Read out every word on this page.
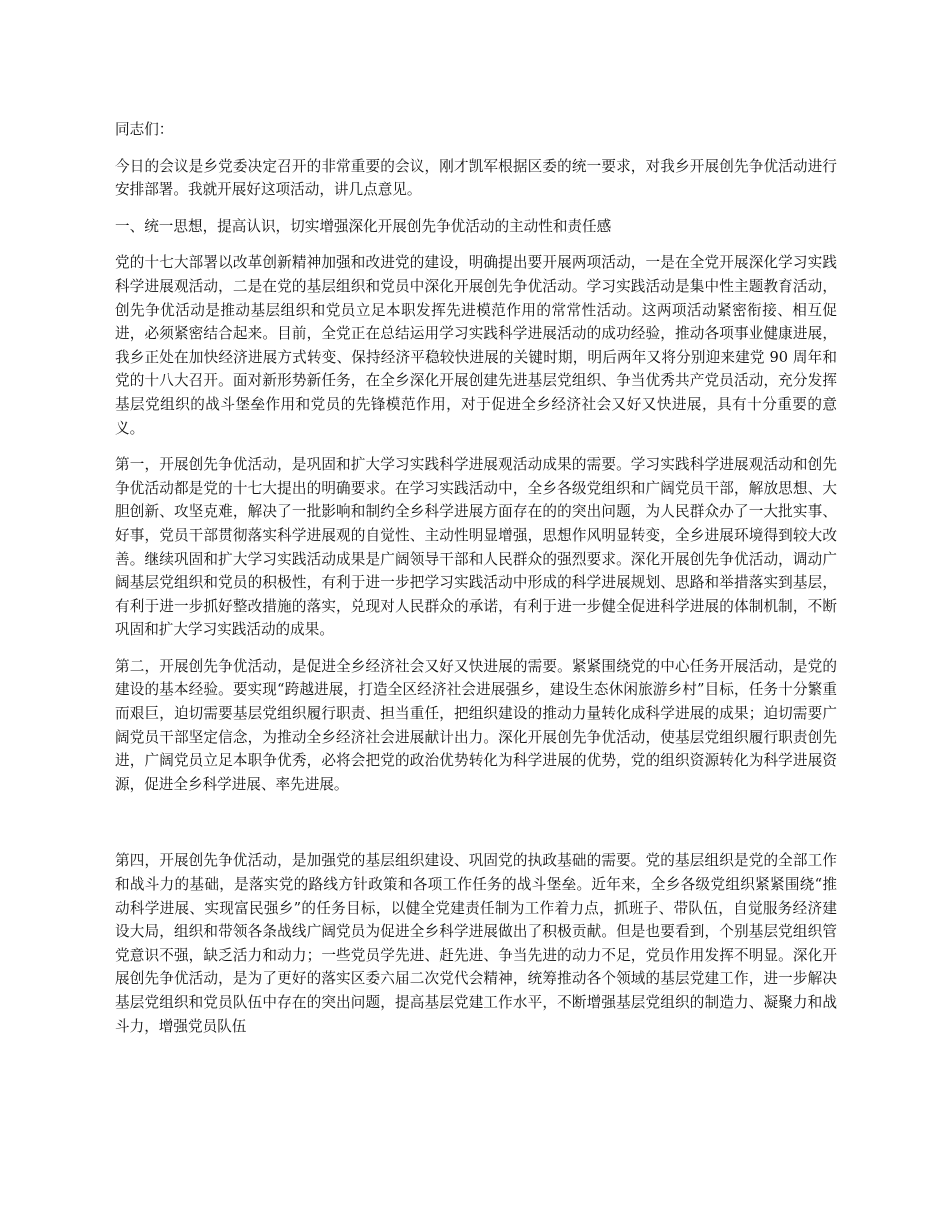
同志们：

今日的会议是乡党委决定召开的非常重要的会议，刚才凯军根据区委的统一要求，对我乡开展创先争优活动进行安排部署。我就开展好这项活动，讲几点意见。

一、统一思想，提高认识，切实增强深化开展创先争优活动的主动性和责任感

党的十七大部署以改革创新精神加强和改进党的建设，明确提出要开展两项活动，一是在全党开展深化学习实践科学进展观活动，二是在党的基层组织和党员中深化开展创先争优活动。学习实践活动是集中性主题教育活动，创先争优活动是推动基层组织和党员立足本职发挥先进模范作用的常常性活动。这两项活动紧密衔接、相互促进，必须紧密结合起来。目前，全党正在总结运用学习实践科学进展活动的成功经验，推动各项事业健康进展，我乡正处在加快经济进展方式转变、保持经济平稳较快进展的关键时期，明后两年又将分别迎来建党 90 周年和党的十八大召开。面对新形势新任务，在全乡深化开展创建先进基层党组织、争当优秀共产党员活动，充分发挥基层党组织的战斗堡垒作用和党员的先锋模范作用，对于促进全乡经济社会又好又快进展，具有十分重要的意义。

第一，开展创先争优活动，是巩固和扩大学习实践科学进展观活动成果的需要。学习实践科学进展观活动和创先争优活动都是党的十七大提出的明确要求。在学习实践活动中，全乡各级党组织和广阔党员干部，解放思想、大胆创新、攻坚克难，解决了一批影响和制约全乡科学进展方面存在的的突出问题，为人民群众办了一大批实事、好事，党员干部贯彻落实科学进展观的自觉性、主动性明显增强，思想作风明显转变，全乡进展环境得到较大改善。继续巩固和扩大学习实践活动成果是广阔领导干部和人民群众的强烈要求。深化开展创先争优活动，调动广阔基层党组织和党员的积极性，有利于进一步把学习实践活动中形成的科学进展规划、思路和举措落实到基层，有利于进一步抓好整改措施的落实，兑现对人民群众的承诺，有利于进一步健全促进科学进展的体制机制，不断巩固和扩大学习实践活动的成果。

第二，开展创先争优活动，是促进全乡经济社会又好又快进展的需要。紧紧围绕党的中心任务开展活动，是党的建设的基本经验。要实现“跨越进展，打造全区经济社会进展强乡，建设生态休闲旅游乡村”目标，任务十分繁重而艰巨，迫切需要基层党组织履行职责、担当重任，把组织建设的推动力量转化成科学进展的成果；迫切需要广阔党员干部坚定信念，为推动全乡经济社会进展献计出力。深化开展创先争优活动，使基层党组织履行职责创先进，广阔党员立足本职争优秀，必将会把党的政治优势转化为科学进展的优势，党的组织资源转化为科学进展资源，促进全乡科学进展、率先进展。

第四，开展创先争优活动，是加强党的基层组织建设、巩固党的执政基础的需要。党的基层组织是党的全部工作和战斗力的基础，是落实党的路线方针政策和各项工作任务的战斗堡垒。近年来，全乡各级党组织紧紧围绕“推动科学进展、实现富民强乡”的任务目标，以健全党建责任制为工作着力点，抓班子、带队伍，自觉服务经济建设大局，组织和带领各条战线广阔党员为促进全乡科学进展做出了积极贡献。但是也要看到，个别基层党组织管党意识不强，缺乏活力和动力；一些党员学先进、赶先进、争当先进的动力不足，党员作用发挥不明显。深化开展创先争优活动，是为了更好的落实区委六届二次党代会精神，统筹推动各个领域的基层党建工作，进一步解决基层党组织和党员队伍中存在的突出问题，提高基层党建工作水平，不断增强基层党组织的制造力、凝聚力和战斗力，增强党员队伍
